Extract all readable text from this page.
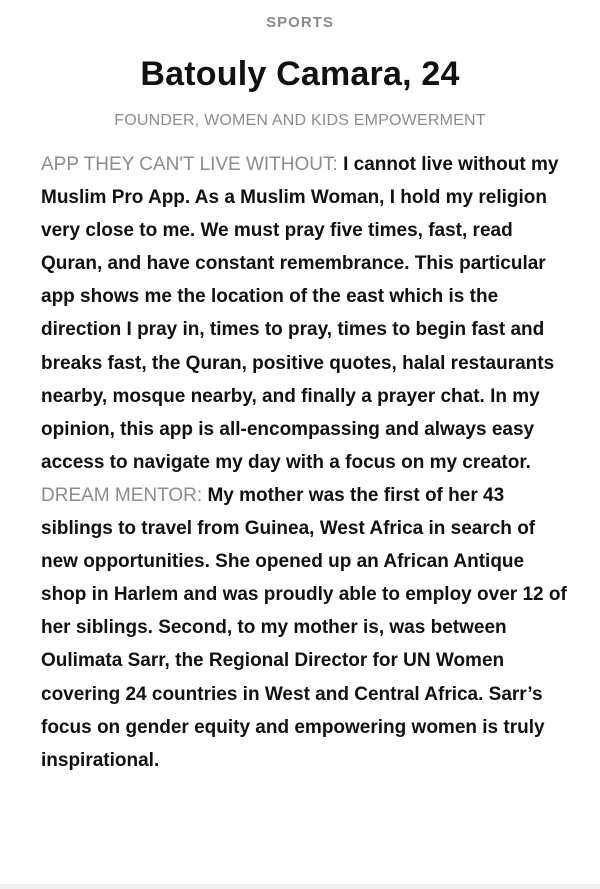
SPORTS
Batouly Camara, 24
FOUNDER, WOMEN AND KIDS EMPOWERMENT

APP THEY CAN'T LIVE WITHOUT: I cannot live without my Muslim Pro App. As a Muslim Woman, I hold my religion very close to me. We must pray five times, fast, read Quran, and have constant remembrance. This particular app shows me the location of the east which is the direction I pray in, times to pray, times to begin fast and breaks fast, the Quran, positive quotes, halal restaurants nearby, mosque nearby, and finally a prayer chat. In my opinion, this app is all-encompassing and always easy access to navigate my day with a focus on my creator.

DREAM MENTOR: My mother was the first of her 43 siblings to travel from Guinea, West Africa in search of new opportunities. She opened up an African Antique shop in Harlem and was proudly able to employ over 12 of her siblings. Second, to my mother is, was between Oulimata Sarr, the Regional Director for UN Women covering 24 countries in West and Central Africa. Sarr’s focus on gender equity and empowering women is truly inspirational.
